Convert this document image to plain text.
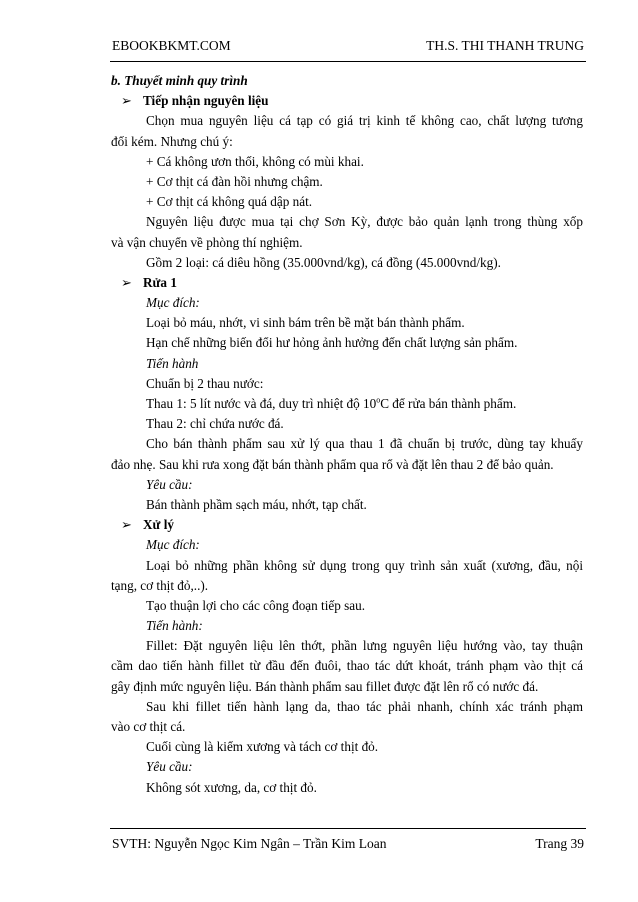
EBOOKBKMT.COM	TH.S. THI THANH TRUNG
b. Thuyết minh quy trình
➢ Tiếp nhận nguyên liệu
Chọn mua nguyên liệu cá tạp có giá trị kinh tế không cao, chất lượng tương
đối kém. Nhưng chú ý:
+ Cá không ươn thối, không có mùi khai.
+ Cơ thịt cá đàn hồi nhưng chậm.
+ Cơ thịt cá không quá dập nát.
Nguyên liệu được mua tại chợ Sơn Kỳ, được bảo quản lạnh trong thùng xốp
và vận chuyển về phòng thí nghiệm.
Gồm 2 loại: cá diêu hồng (35.000vnd/kg), cá đồng (45.000vnd/kg).
➢ Rửa 1
Mục đích:
Loại bỏ máu, nhớt, vi sinh bám trên bề mặt bán thành phẩm.
Hạn chế những biến đổi hư hỏng ảnh hưởng đến chất lượng sản phẩm.
Tiến hành
Chuẩn bị 2 thau nước:
Thau 1: 5 lít nước và đá, duy trì nhiệt độ 10$^o$C để rửa bán thành phẩm.
Thau 2: chỉ chứa nước đá.
Cho bán thành phẩm sau xử lý qua thau 1 đã chuẩn bị trước, dùng tay khuấy
đảo nhẹ. Sau khi rưa xong đặt bán thành phẩm qua rổ và đặt lên thau 2 để bảo quản.
Yêu cầu:
Bán thành phầm sạch máu, nhớt, tạp chất.
➢ Xử lý
Mục đích:
Loại bỏ những phần không sử dụng trong quy trình sản xuất (xương, đầu, nội
tạng, cơ thịt đỏ,..).
Tạo thuận lợi cho các công đoạn tiếp sau.
Tiến hành:
Fillet: Đặt nguyên liệu lên thớt, phần lưng nguyên liệu hướng vào, tay thuận
cầm dao tiến hành fillet từ đầu đến đuôi, thao tác dứt khoát, tránh phạm vào thịt cá
gây định mức nguyên liệu. Bán thành phẩm sau fillet được đặt lên rổ có nước đá.
Sau khi fillet tiến hành lạng da, thao tác phải nhanh, chính xác tránh phạm
vào cơ thịt cá.
Cuối cùng là kiểm xương và tách cơ thịt đỏ.
Yêu cầu:
Không sót xương, da, cơ thịt đỏ.
SVTH: Nguyễn Ngọc Kim Ngân – Trần Kim Loan	Trang 39
